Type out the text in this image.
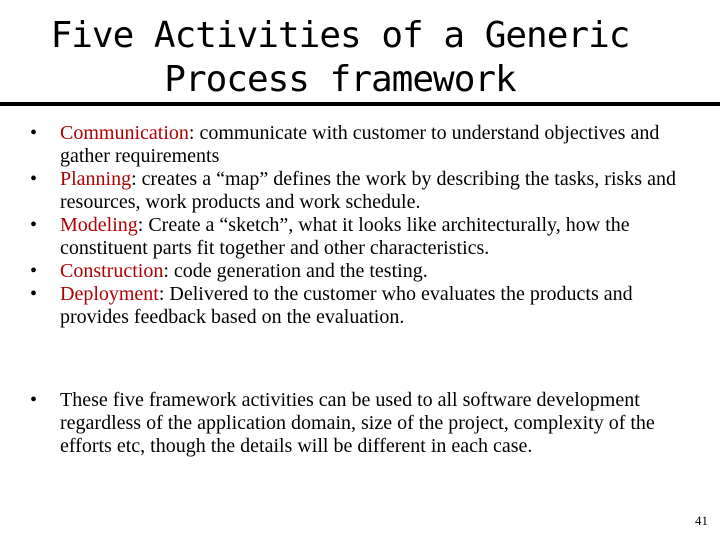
Five Activities of a Generic
Process framework
•	Communication: communicate with customer to understand objectives and gather requirements
•	Planning: creates a “map” defines the work by describing the tasks, risks and resources, work products and work schedule.
•	Modeling: Create a “sketch”, what it looks like architecturally, how the constituent parts fit together and other characteristics.
•	Construction: code generation and the testing.
•	Deployment: Delivered to the customer who evaluates the products and provides feedback based on the evaluation.
•	These five framework activities can be used to all software development regardless of the application domain, size of the project, complexity of the efforts etc, though the details will be different in each case.
41
